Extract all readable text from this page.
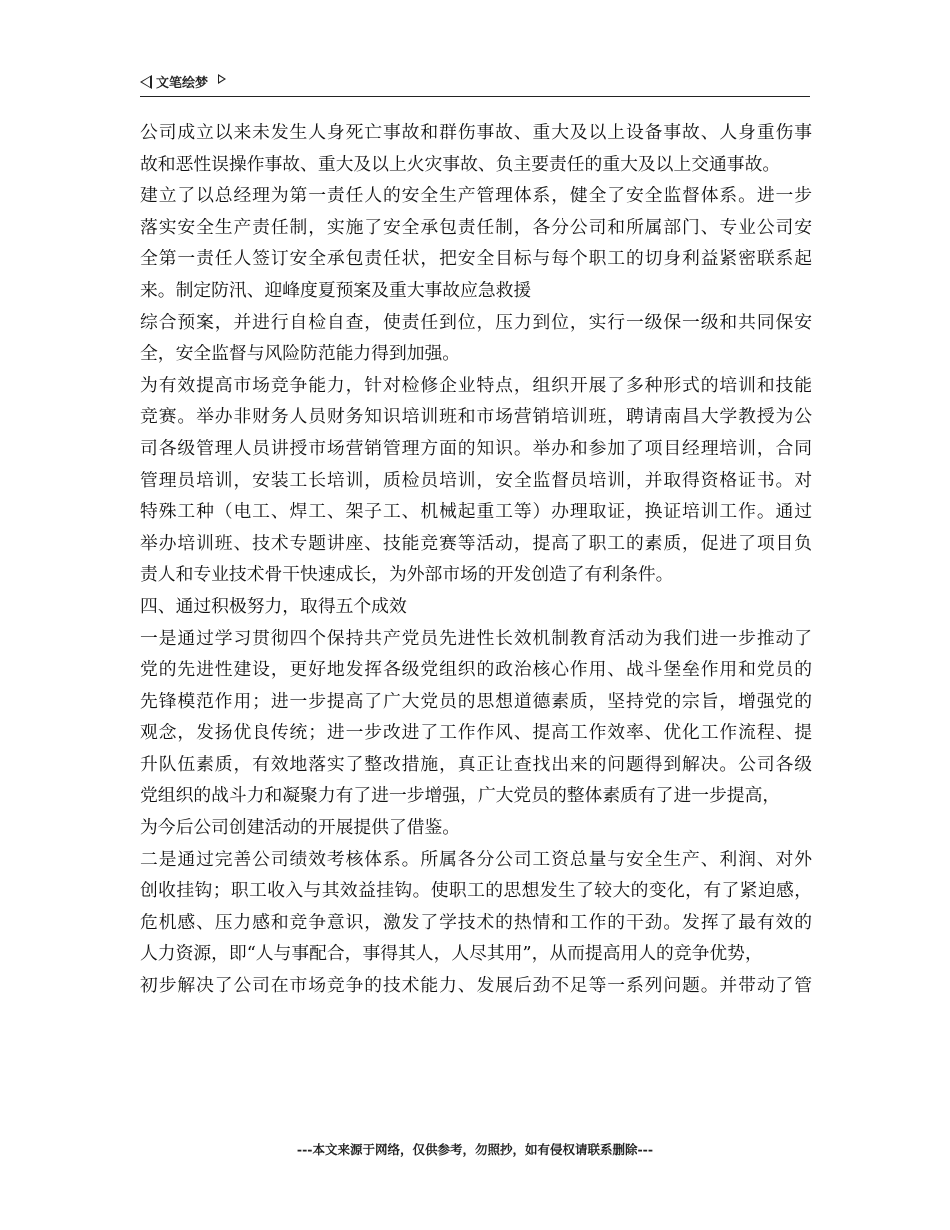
文笔绘梦
公司成立以来未发生人身死亡事故和群伤事故、重大及以上设备事故、人身重伤事
故和恶性误操作事故、重大及以上火灾事故、负主要责任的重大及以上交通事故。
建立了以总经理为第一责任人的安全生产管理体系，健全了安全监督体系。进一步
落实安全生产责任制，实施了安全承包责任制，各分公司和所属部门、专业公司安
全第一责任人签订安全承包责任状，把安全目标与每个职工的切身利益紧密联系起
来。制定防汛、迎峰度夏预案及重大事故应急救援
综合预案，并进行自检自查，使责任到位，压力到位，实行一级保一级和共同保安
全，安全监督与风险防范能力得到加强。
为有效提高市场竞争能力，针对检修企业特点，组织开展了多种形式的培训和技能
竞赛。举办非财务人员财务知识培训班和市场营销培训班，聘请南昌大学教授为公
司各级管理人员讲授市场营销管理方面的知识。举办和参加了项目经理培训，合同
管理员培训，安装工长培训，质检员培训，安全监督员培训，并取得资格证书。对
特殊工种（电工、焊工、架子工、机械起重工等）办理取证，换证培训工作。通过
举办培训班、技术专题讲座、技能竞赛等活动，提高了职工的素质，促进了项目负
责人和专业技术骨干快速成长，为外部市场的开发创造了有利条件。
四、通过积极努力，取得五个成效
一是通过学习贯彻四个保持共产党员先进性长效机制教育活动为我们进一步推动了
党的先进性建设，更好地发挥各级党组织的政治核心作用、战斗堡垒作用和党员的
先锋模范作用；进一步提高了广大党员的思想道德素质，坚持党的宗旨，增强党的
观念，发扬优良传统；进一步改进了工作作风、提高工作效率、优化工作流程、提
升队伍素质，有效地落实了整改措施，真正让查找出来的问题得到解决。公司各级
党组织的战斗力和凝聚力有了进一步增强，广大党员的整体素质有了进一步提高，
为今后公司创建活动的开展提供了借鉴。
二是通过完善公司绩效考核体系。所属各分公司工资总量与安全生产、利润、对外
创收挂钩；职工收入与其效益挂钩。使职工的思想发生了较大的变化，有了紧迫感，
危机感、压力感和竞争意识，激发了学技术的热情和工作的干劲。发挥了最有效的
人力资源，即“人与事配合，事得其人，人尽其用”，从而提高用人的竞争优势，
初步解决了公司在市场竞争的技术能力、发展后劲不足等一系列问题。并带动了管
---本文来源于网络，仅供参考，勿照抄，如有侵权请联系删除---
